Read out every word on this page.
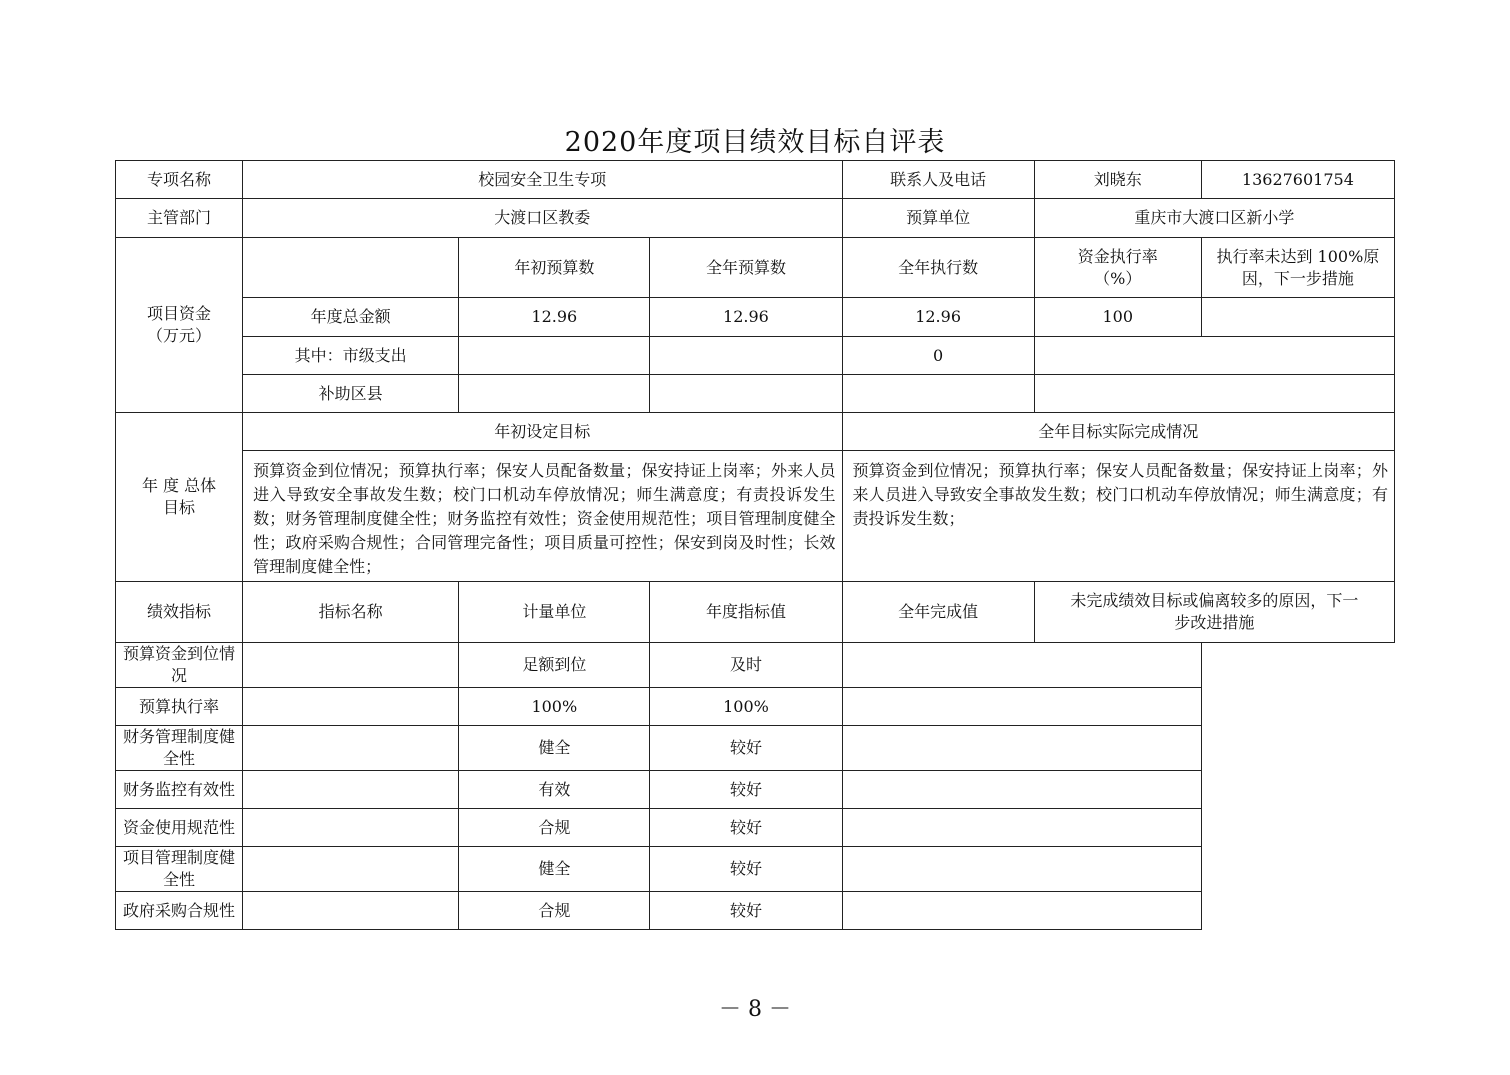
2020年度项目绩效目标自评表
专项名称	校园安全卫生专项			联系人及电话	刘晓东	13627601754
主管部门	大渡口区教委			预算单位	重庆市大渡口区新小学	
项目资金（万元）		年初预算数	全年预算数	全年执行数	资金执行率（%）	执行率未达到 100%原因，下一步措施
	年度总金额	12.96	12.96	12.96	100	
	其中：市级支出			0		
	补助区县					
年 度 总体目标	年初设定目标			全年目标实际完成情况		
	预算资金到位情况；预算执行率；保安人员配备数量；保安持证上岗率；外来人员进入导致安全事故发生数；校门口机动车停放情况；师生满意度；有责投诉发生数；财务管理制度健全性；财务监控有效性；资金使用规范性；项目管理制度健全性；政府采购合规性；合同管理完备性；项目质量可控性；保安到岗及时性；长效管理制度健全性；			预算资金到位情况；预算执行率；保安人员配备数量；保安持证上岗率；外来人员进入导致安全事故发生数；校门口机动车停放情况；师生满意度；有责投诉发生数；		
绩效指标	指标名称	计量单位	年度指标值	全年完成值	未完成绩效目标或偏离较多的原因，下一步改进措施	
预算资金到位情况		足额到位	及时			
预算执行率		100%	100%			
财务管理制度健全性		健全	较好			
财务监控有效性		有效	较好			
资金使用规范性		合规	较好			
项目管理制度健全性		健全	较好			
政府采购合规性		合规	较好			
－ 8 －
